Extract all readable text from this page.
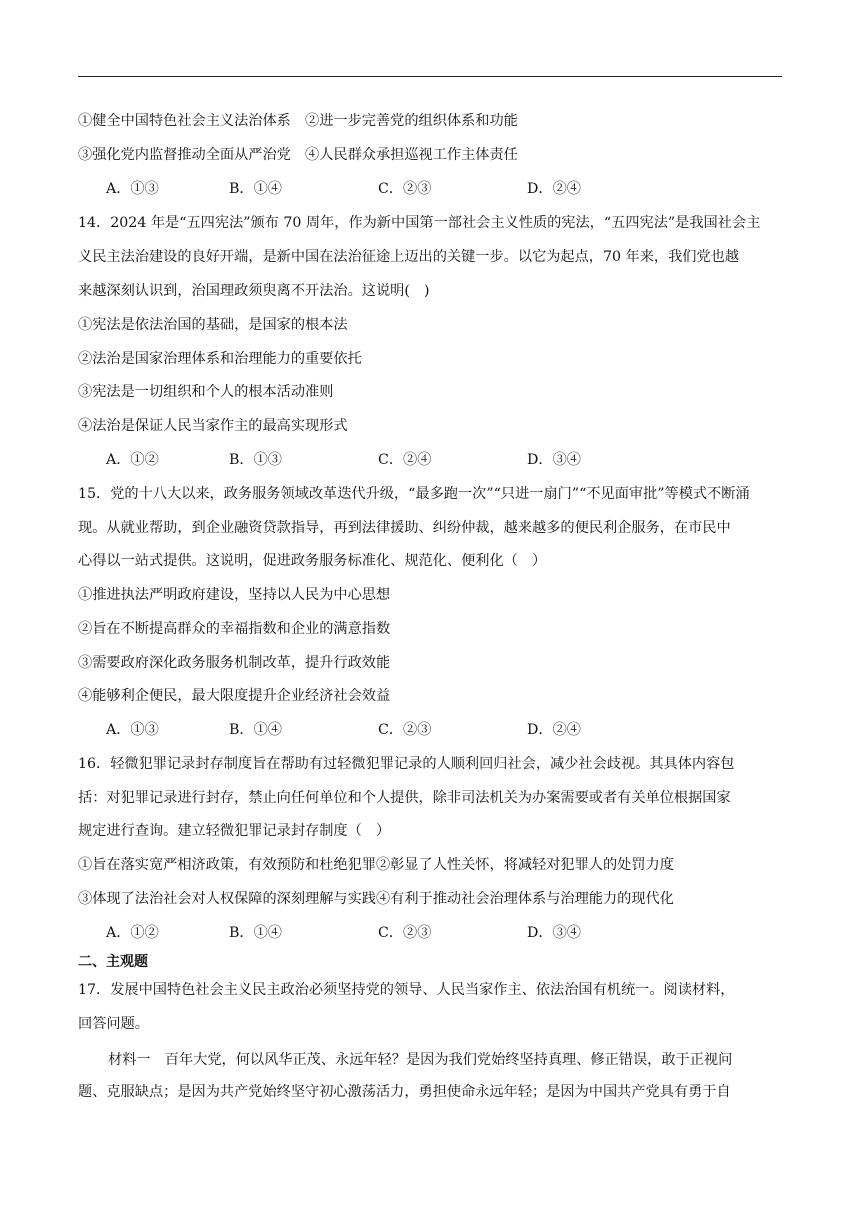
①健全中国特色社会主义法治体系　②进一步完善党的组织体系和功能
③强化党内监督推动全面从严治党　④人民群众承担巡视工作主体责任
A．①③	B．①④	C．②③	D．②④
14．2024 年是“五四宪法”颁布 70 周年，作为新中国第一部社会主义性质的宪法，“五四宪法”是我国社会主
义民主法治建设的良好开端，是新中国在法治征途上迈出的关键一步。以它为起点，70 年来，我们党也越
来越深刻认识到，治国理政须臾离不开法治。这说明(　)
①宪法是依法治国的基础，是国家的根本法
②法治是国家治理体系和治理能力的重要依托
③宪法是一切组织和个人的根本活动准则
④法治是保证人民当家作主的最高实现形式
A．①②	B．①③	C．②④	D．③④
15．党的十八大以来，政务服务领域改革迭代升级，“最多跑一次”“只进一扇门”“不见面审批”等模式不断涌
现。从就业帮助，到企业融资贷款指导，再到法律援助、纠纷仲裁，越来越多的便民利企服务，在市民中
心得以一站式提供。这说明，促进政务服务标准化、规范化、便利化（　）
①推进执法严明政府建设，坚持以人民为中心思想
②旨在不断提高群众的幸福指数和企业的满意指数
③需要政府深化政务服务机制改革，提升行政效能
④能够利企便民，最大限度提升企业经济社会效益
A．①③	B．①④	C．②③	D．②④
16．轻微犯罪记录封存制度旨在帮助有过轻微犯罪记录的人顺利回归社会，减少社会歧视。其具体内容包
括：对犯罪记录进行封存，禁止向任何单位和个人提供，除非司法机关为办案需要或者有关单位根据国家
规定进行查询。建立轻微犯罪记录封存制度（　）
①旨在落实宽严相济政策，有效预防和杜绝犯罪②彰显了人性关怀，将减轻对犯罪人的处罚力度
③体现了法治社会对人权保障的深刻理解与实践④有利于推动社会治理体系与治理能力的现代化
A．①②	B．①④	C．②③	D．③④
二、主观题
17．发展中国特色社会主义民主政治必须坚持党的领导、人民当家作主、依法治国有机统一。阅读材料，
回答问题。
材料一　百年大党，何以风华正茂、永远年轻？是因为我们党始终坚持真理、修正错误，敢于正视问
题、克服缺点；是因为共产党始终坚守初心激荡活力，勇担使命永远年轻；是因为中国共产党具有勇于自
